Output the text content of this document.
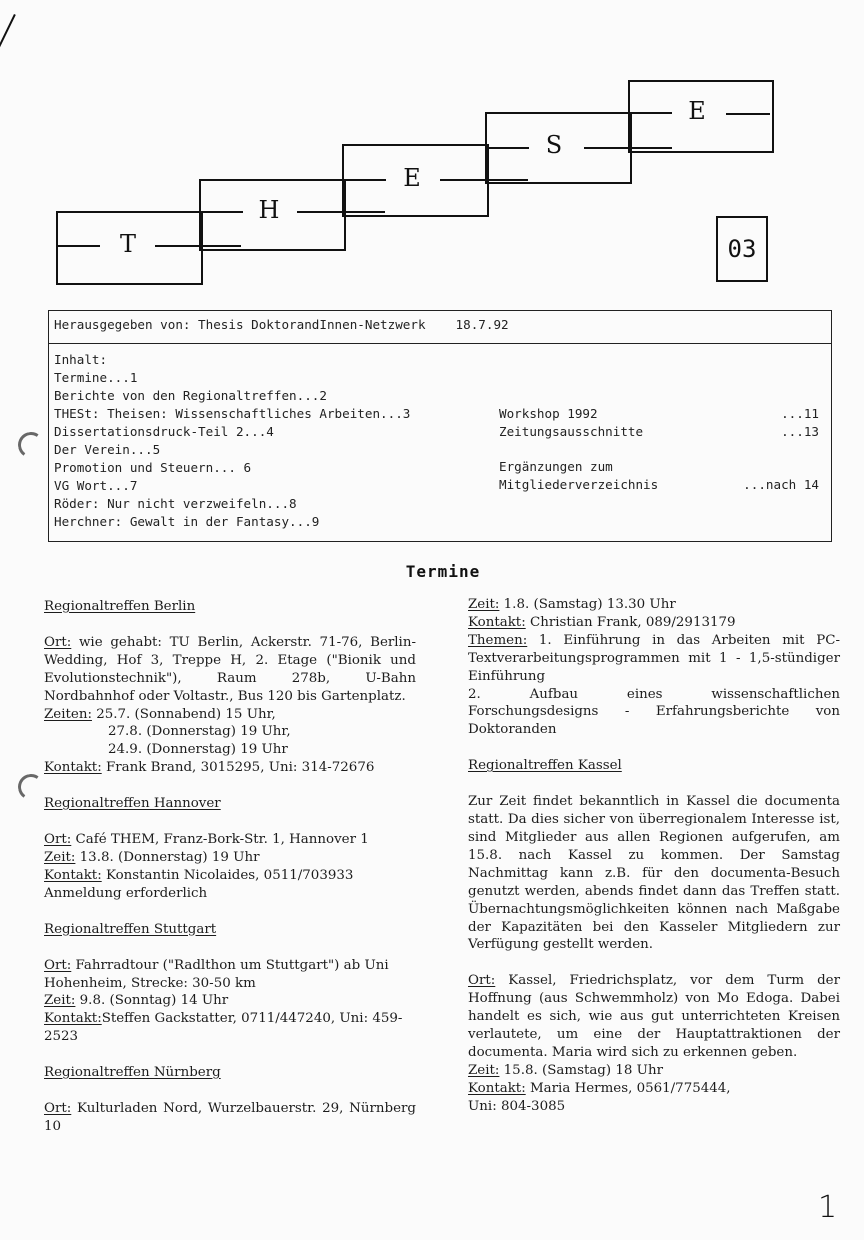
T
H
E
S
E
03
Herausgegeben von: Thesis DoktorandInnen-Netzwerk 18.7.92
Inhalt:
Termine...1
Berichte von den Regionaltreffen...2
THESt: Theisen: Wissenschaftliches Arbeiten...3
Dissertationsdruck-Teil 2...4
Der Verein...5
Promotion und Steuern... 6
VG Wort...7
Röder: Nur nicht verzweifeln...8
Herchner: Gewalt in der Fantasy...9
Workshop 1992	...11
Zeitungsausschnitte	...13
Ergänzungen zum
Mitgliederverzeichnis	...nach 14
Termine
Regionaltreffen Berlin
Ort: wie gehabt: TU Berlin, Ackerstr. 71-76, Berlin-Wedding, Hof 3, Treppe H, 2. Etage ("Bionik und Evolutionstechnik"), Raum 278b, U-Bahn Nordbahnhof oder Voltastr., Bus 120 bis Gartenplatz.
Zeiten: 25.7. (Sonnabend) 15 Uhr,
27.8. (Donnerstag) 19 Uhr,
24.9. (Donnerstag) 19 Uhr
Kontakt: Frank Brand, 3015295, Uni: 314-72676
Regionaltreffen Hannover
Ort: Café THEM, Franz-Bork-Str. 1, Hannover 1
Zeit: 13.8. (Donnerstag) 19 Uhr
Kontakt: Konstantin Nicolaides, 0511/703933
Anmeldung erforderlich
Regionaltreffen Stuttgart
Ort: Fahrradtour ("Radlthon um Stuttgart") ab Uni Hohenheim, Strecke: 30-50 km
Zeit: 9.8. (Sonntag) 14 Uhr
Kontakt:Steffen Gackstatter, 0711/447240, Uni: 459-2523
Regionaltreffen Nürnberg
Ort: Kulturladen Nord, Wurzelbauerstr. 29, Nürnberg 10
Zeit: 1.8. (Samstag) 13.30 Uhr
Kontakt: Christian Frank, 089/2913179
Themen: 1. Einführung in das Arbeiten mit PC-Textverarbeitungsprogrammen mit 1 - 1,5-stündiger Einführung
2. Aufbau eines wissenschaftlichen Forschungsdesigns - Erfahrungsberichte von Doktoranden
Regionaltreffen Kassel
Zur Zeit findet bekanntlich in Kassel die documenta statt. Da dies sicher von überregionalem Interesse ist, sind Mitglieder aus allen Regionen aufgerufen, am 15.8. nach Kassel zu kommen. Der Samstag Nachmittag kann z.B. für den documenta-Besuch genutzt werden, abends findet dann das Treffen statt. Übernachtungsmöglichkeiten können nach Maßgabe der Kapazitäten bei den Kasseler Mitgliedern zur Verfügung gestellt werden.
Ort: Kassel, Friedrichsplatz, vor dem Turm der Hoffnung (aus Schwemmholz) von Mo Edoga. Dabei handelt es sich, wie aus gut unterrichteten Kreisen verlautete, um eine der Hauptattraktionen der documenta. Maria wird sich zu erkennen geben.
Zeit: 15.8. (Samstag) 18 Uhr
Kontakt: Maria Hermes, 0561/775444,
Uni: 804-3085
1
